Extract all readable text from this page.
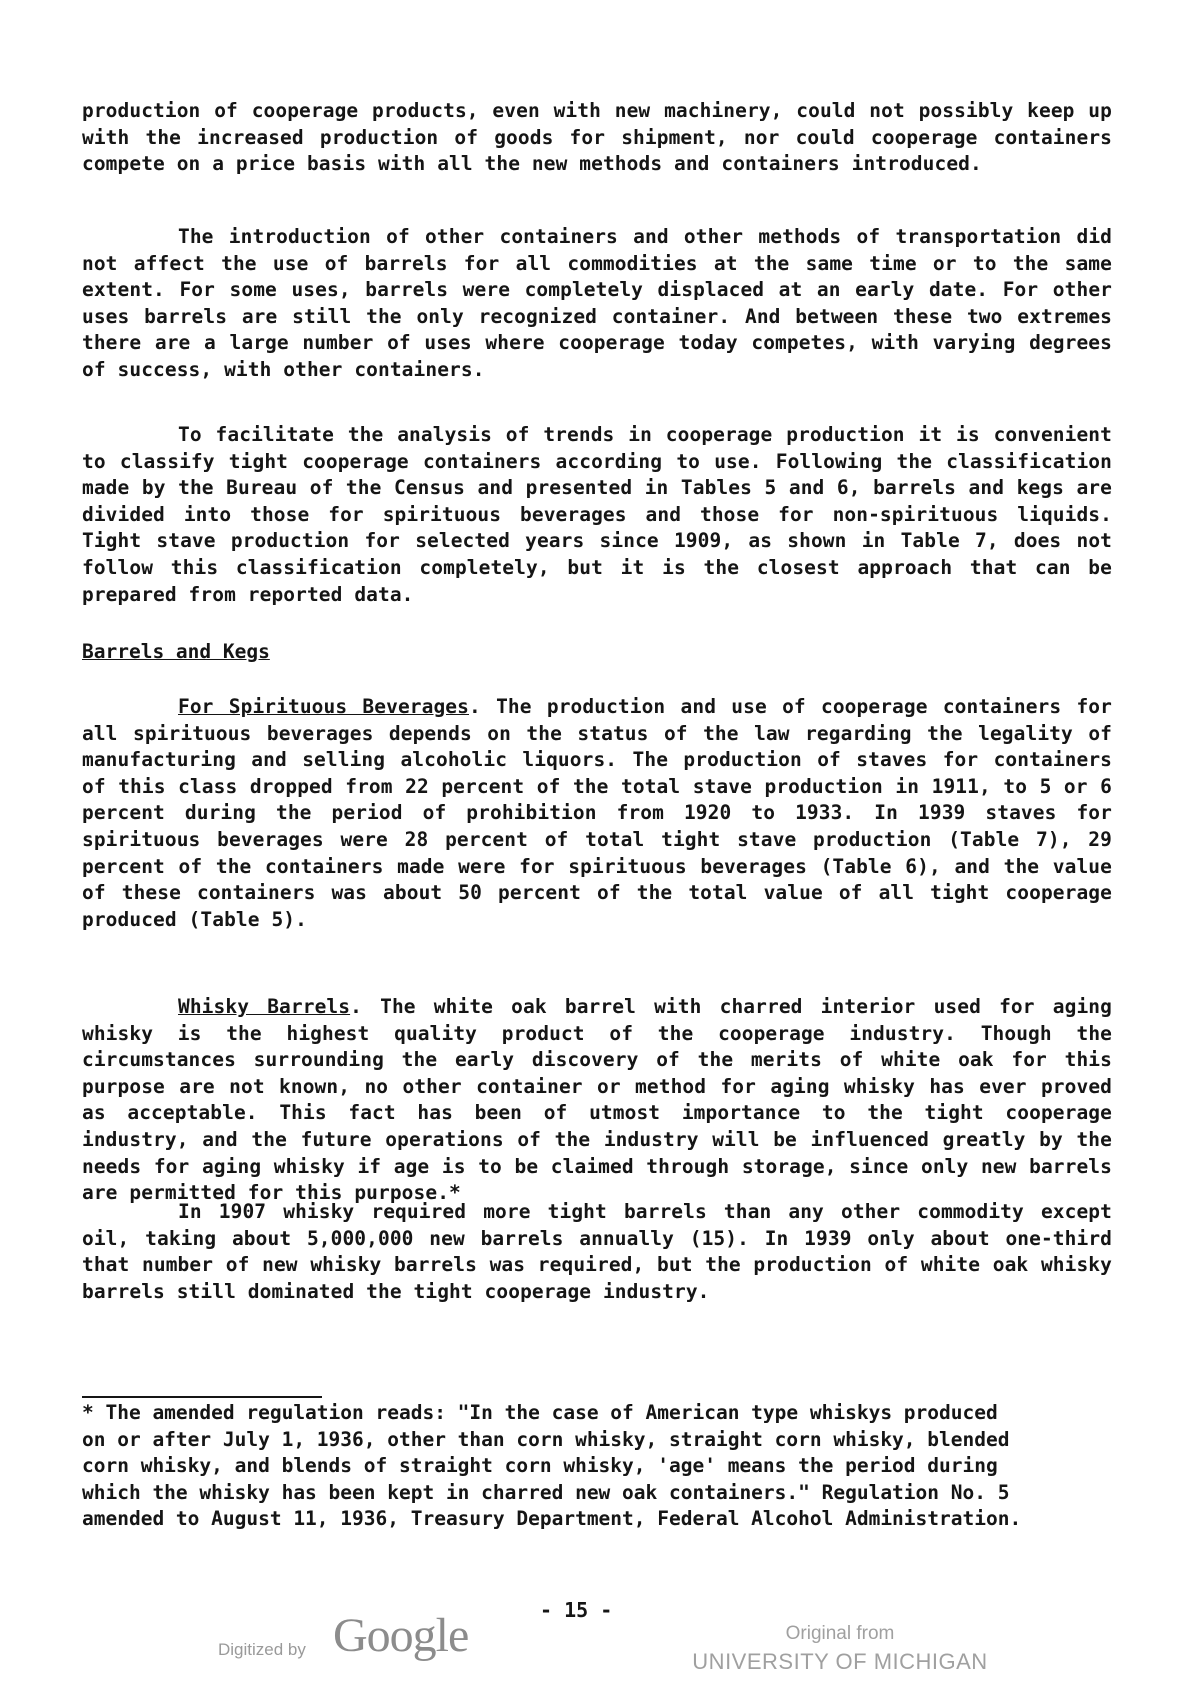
production of cooperage products, even with new machinery, could not possibly keep up with the increased production of goods for shipment, nor could cooperage containers compete on a price basis with all the new methods and containers introduced.

The introduction of other containers and other methods of transportation did not affect the use of barrels for all commodities at the same time or to the same extent. For some uses, barrels were completely displaced at an early date. For other uses barrels are still the only recognized container. And between these two extremes there are a large number of uses where cooperage today competes, with varying degrees of success, with other containers.

To facilitate the analysis of trends in cooperage production it is convenient to classify tight cooperage containers according to use. Following the classification made by the Bureau of the Census and presented in Tables 5 and 6, barrels and kegs are divided into those for spirituous beverages and those for non-spirituous liquids. Tight stave production for selected years since 1909, as shown in Table 7, does not follow this classification completely, but it is the closest approach that can be prepared from reported data.

Barrels and Kegs

For Spirituous Beverages. The production and use of cooperage containers for all spirituous beverages depends on the status of the law regarding the legality of manufacturing and selling alcoholic liquors. The production of staves for containers of this class dropped from 22 percent of the total stave production in 1911, to 5 or 6 percent during the period of prohibition from 1920 to 1933. In 1939 staves for spirituous beverages were 28 percent of total tight stave production (Table 7), 29 percent of the containers made were for spirituous beverages (Table 6), and the value of these containers was about 50 percent of the total value of all tight cooperage produced (Table 5).

Whisky Barrels. The white oak barrel with charred interior used for aging whisky is the highest quality product of the cooperage industry. Though the circumstances surrounding the early discovery of the merits of white oak for this purpose are not known, no other container or method for aging whisky has ever proved as acceptable. This fact has been of utmost importance to the tight cooperage industry, and the future operations of the industry will be influenced greatly by the needs for aging whisky if age is to be claimed through storage, since only new barrels are permitted for this purpose.*

In 1907 whisky required more tight barrels than any other commodity except oil, taking about 5,000,000 new barrels annually (15). In 1939 only about one-third that number of new whisky barrels was required, but the production of white oak whisky barrels still dominated the tight cooperage industry.

* The amended regulation reads: "In the case of American type whiskys produced on or after July 1, 1936, other than corn whisky, straight corn whisky, blended corn whisky, and blends of straight corn whisky, 'age' means the period during which the whisky has been kept in charred new oak containers." Regulation No. 5 amended to August 11, 1936, Treasury Department, Federal Alcohol Administration.

- 15 -
Digitized by Google	Original from
UNIVERSITY OF MICHIGAN
